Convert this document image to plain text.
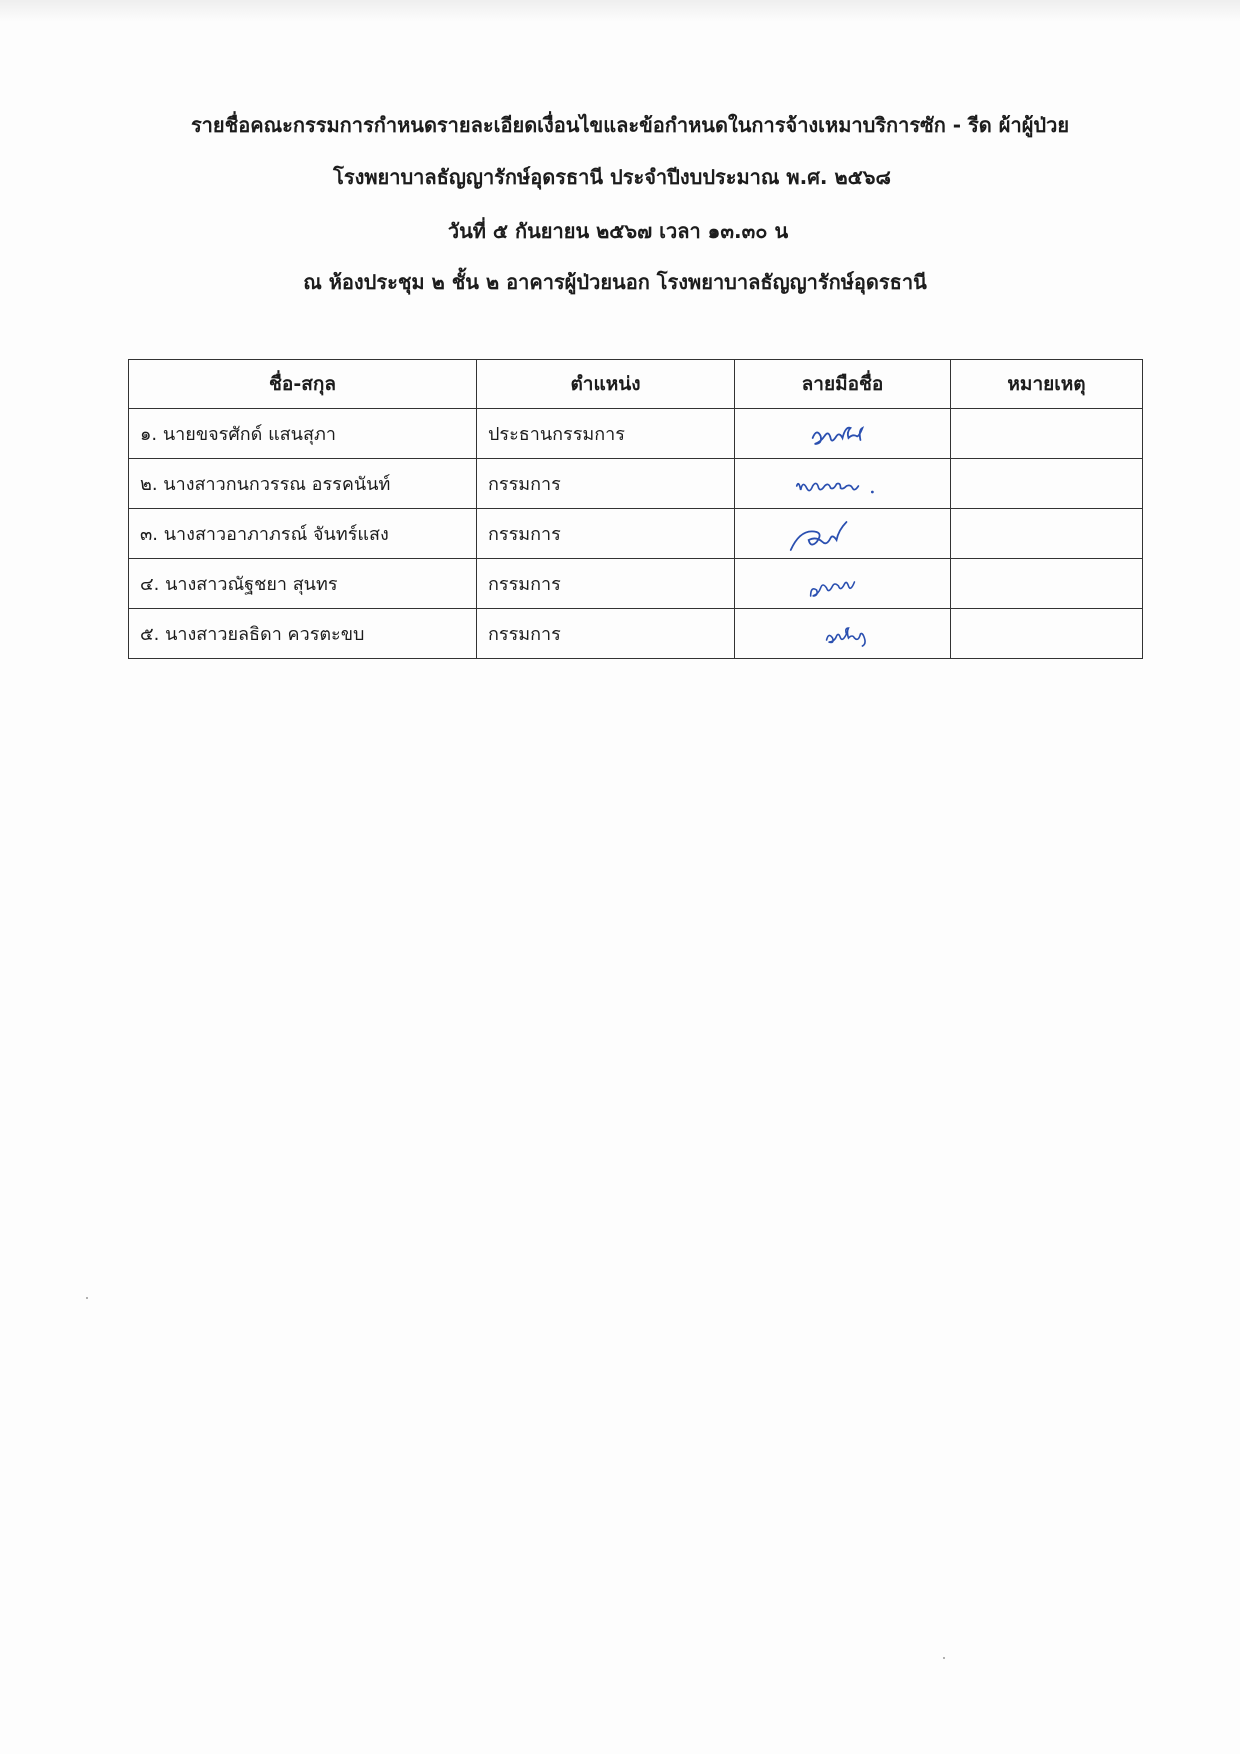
รายชื่อคณะกรรมการกำหนดรายละเอียดเงื่อนไขและข้อกำหนดในการจ้างเหมาบริการซัก - รีด ผ้าผู้ป่วย
โรงพยาบาลธัญญารักษ์อุดรธานี ประจำปีงบประมาณ พ.ศ. ๒๕๖๘
วันที่ ๕ กันยายน ๒๕๖๗ เวลา ๑๓.๓๐ น
ณ ห้องประชุม ๒ ชั้น ๒ อาคารผู้ป่วยนอก โรงพยาบาลธัญญารักษ์อุดรธานี
ชื่อ-สกุล	ตำแหน่ง	ลายมือชื่อ	หมายเหตุ
๑. นายขจรศักด์ แสนสุภา	ประธานกรรมการ	

๒. นางสาวกนกวรรณ อรรคนันท์	กรรมการ	

๓. นางสาวอาภาภรณ์ จันทร์แสง	กรรมการ	

๔. นางสาวณัฐชยา สุนทร	กรรมการ	

๕. นางสาวยลธิดา ควรตะขบ	กรรมการ	
